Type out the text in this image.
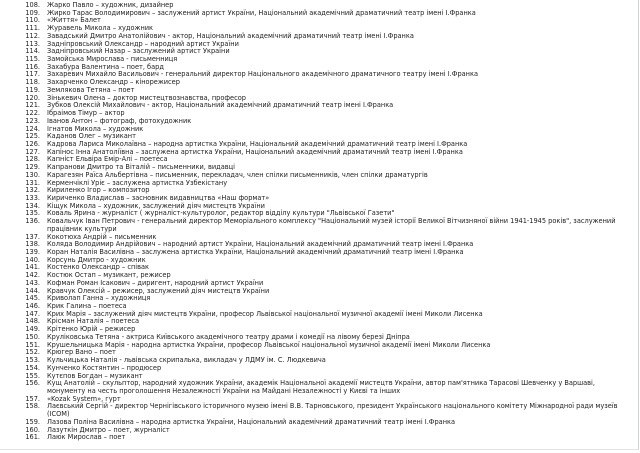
108.	Жарко Павло – художник, дизайнер
109.	Жирко Тарас Володимирович – заслужений артист України, Національний академічний драматичний театр імені І.Франка
110.	«Життя» Балет
111.	Журавель Микола – художник
112.	Завадський Дмитро Анатолійович - актор, Національний академічний драматичний театр імені І.Франка
113.	Задніпровський Олександр – народний артист України
114.	Задніпровський Назар – заслужений артист України
115.	Замойська Мирослава - письменниця
116.	Захабура Валентина – поет, бард
117.	Захаревич Михайло Васильович - генеральний директор Національного академічного драматичного театру імені І.Франка
118.	Захарченко Олександр – кінорежисер
119.	Землякова Тетяна – поет
120.	Зінькевич Олена – доктор мистецтвознавства, професор
121.	Зубков Олексій Михайлович - актор, Національний академічний драматичний театр імені І.Франка
122.	Ібраімов Тімур – актор
123.	Іванов Антон – фотограф, фотохудожник
124.	Ігнатов Микола – художник
125.	Каданов Олег – музикант
126.	Кадрова Лариса Миколаївна – народна артистка України, Національний академічний драматичний театр імені І.Франка
127.	Капінос Інна Анатоліївна – заслужена артистка України, Національний академічний драматичний театр імені І.Франка
128.	Капніст Ельвіра Емір-Алі – поетеса
129.	Капранови Дмитро та Віталій – письменники, видавці
130.	Карагезян Раїса Альбертівна – письменник, перекладач, член спілки письменників, член спілки драматургів
131.	Керменчіклі Уріє – заслужена артистка Узбекістану
132.	Кириленко Ігор – композитор
133.	Кириченко Владислав – засновник видавництва «Наш формат»
134.	Кіщук Микола – художник, заслужений діяч мистецтв України
135.	Коваль Ярина - журналіст ( журналіст-культуролог, редактор відділу культури "Львівської Газети"
136.	Ковальчук Іван Петрович - генеральний директор Меморіального комплексу "Національний музей історії Великої Вітчизняної війни 1941-1945 років", заслужений працівник культури
137.	Кокотюха Андрій – письменник
138.	Коляда Володимир Андрійович – народний артист України, Національний академічний драматичний театр імені І.Франка
139.	Коран Наталія Василівна – заслужена артистка України, Національний академічний драматичний театр імені І.Франка
140.	Корсунь Дмитро - художник
141.	Костенко Олександр – співак
142.	Костюк Остап – музикант, режисер
143.	Кофман Роман Ісакович – диригент, народний артист України
144.	Кравчук Олексій – режисер, заслужений діяч мистецтв України
145.	Криволап Ганна – художниця
146.	Крик Галина – поетеса
147.	Крих Марія – заслужений діяч мистецтв України, професор Львівської національної музичної академії імені Миколи Лисенка
148.	Крісман Наталія – поетеса
149.	Крітенко Юрій – режисер
150.	Круліковська Тетяна - актриса Київського академічного театру драми і комедії на лівому березі Дніпра
151.	Крушельницька Марія - народна артистка України, професор Львівської національної музичної академії імені Миколи Лисенка
152.	Крюгер Вано – поет
153.	Кульчицька Наталія - львівська скрипалька, викладач у ЛДМУ ім. С. Людкевича
154.	Кунченко Костянтин – продюсер
155.	Кутєпов Богдан – музикант
156.	Кущ Анатолій – скульптор, народний художник України, академік Національної академії мистецтв України, автор пам'ятника Тарасові Шевченку у Варшаві, монументу на честь проголошення Незалежності України на Майдані Незалежності у Києві та інших
157.	«Kozak System», гурт
158.	Лаєвський Сергій - директор Чернігівського історичного музею імені В.В. Тарновського, президент Українського національного комітету Міжнародної ради музеїв (ICOM)
159.	Лазова Поліна Василівна – народна артистка України, Національний академічний драматичний театр імені І.Франка
160.	Лазуткін Дмитро – поет, журналіст
161.	Лаюк Мирослав – поет
